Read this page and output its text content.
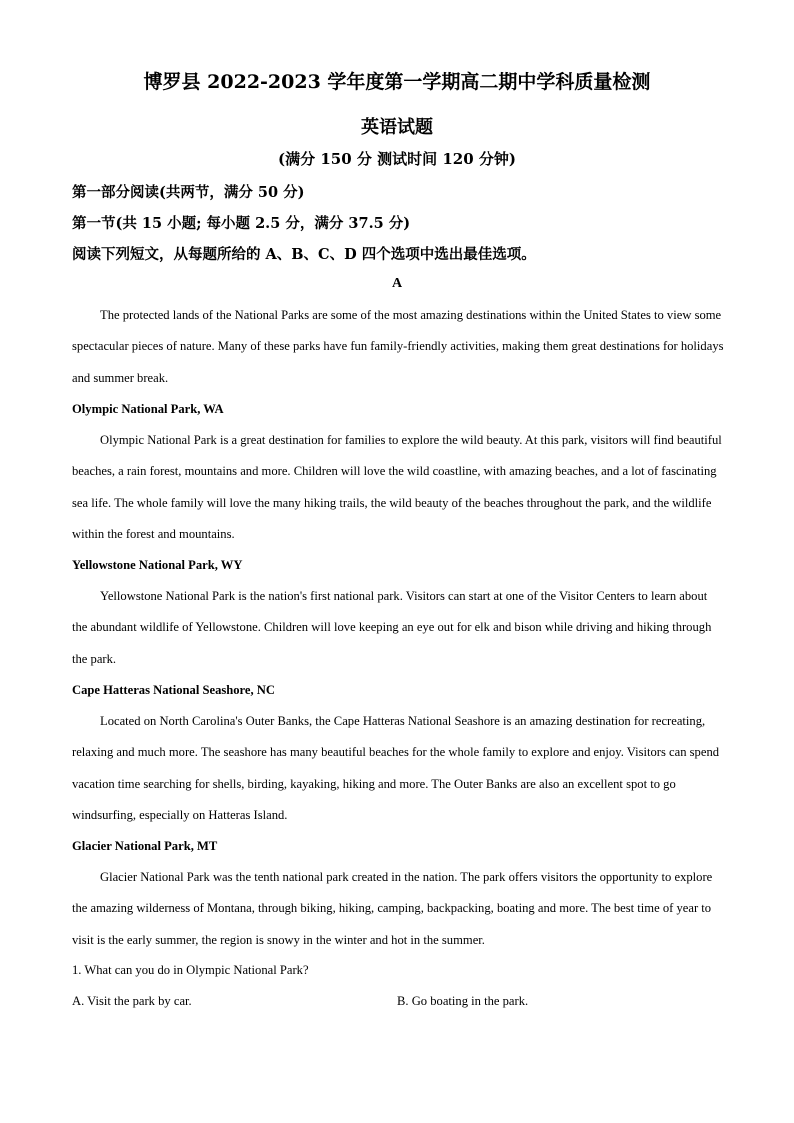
博罗县 2022-2023 学年度第一学期高二期中学科质量检测
英语试题
(满分 150 分 测试时间 120 分钟)
第一部分阅读(共两节，满分 50 分)
第一节(共 15 小题; 每小题 2.5 分，满分 37.5 分)
阅读下列短文，从每题所给的 A、B、C、D 四个选项中选出最佳选项。
A

The protected lands of the National Parks are some of the most amazing destinations within the United States to view some spectacular pieces of nature. Many of these parks have fun family-friendly activities, making them great destinations for holidays and summer break.

Olympic National Park, WA

Olympic National Park is a great destination for families to explore the wild beauty. At this park, visitors will find beautiful beaches, a rain forest, mountains and more. Children will love the wild coastline, with amazing beaches, and a lot of fascinating sea life. The whole family will love the many hiking trails, the wild beauty of the beaches throughout the park, and the wildlife within the forest and mountains.

Yellowstone National Park, WY

Yellowstone National Park is the nation's first national park. Visitors can start at one of the Visitor Centers to learn about the abundant wildlife of Yellowstone. Children will love keeping an eye out for elk and bison while driving and hiking through the park.

Cape Hatteras National Seashore, NC

Located on North Carolina's Outer Banks, the Cape Hatteras National Seashore is an amazing destination for recreating, relaxing and much more. The seashore has many beautiful beaches for the whole family to explore and enjoy. Visitors can spend vacation time searching for shells, birding, kayaking, hiking and more. The Outer Banks are also an excellent spot to go windsurfing, especially on Hatteras Island.

Glacier National Park, MT

Glacier National Park was the tenth national park created in the nation. The park offers visitors the opportunity to explore the amazing wilderness of Montana, through biking, hiking, camping, backpacking, boating and more. The best time of year to visit is the early summer, the region is snowy in the winter and hot in the summer.

1. What can you do in Olympic National Park?
A. Visit the park by car.	B. Go boating in the park.
